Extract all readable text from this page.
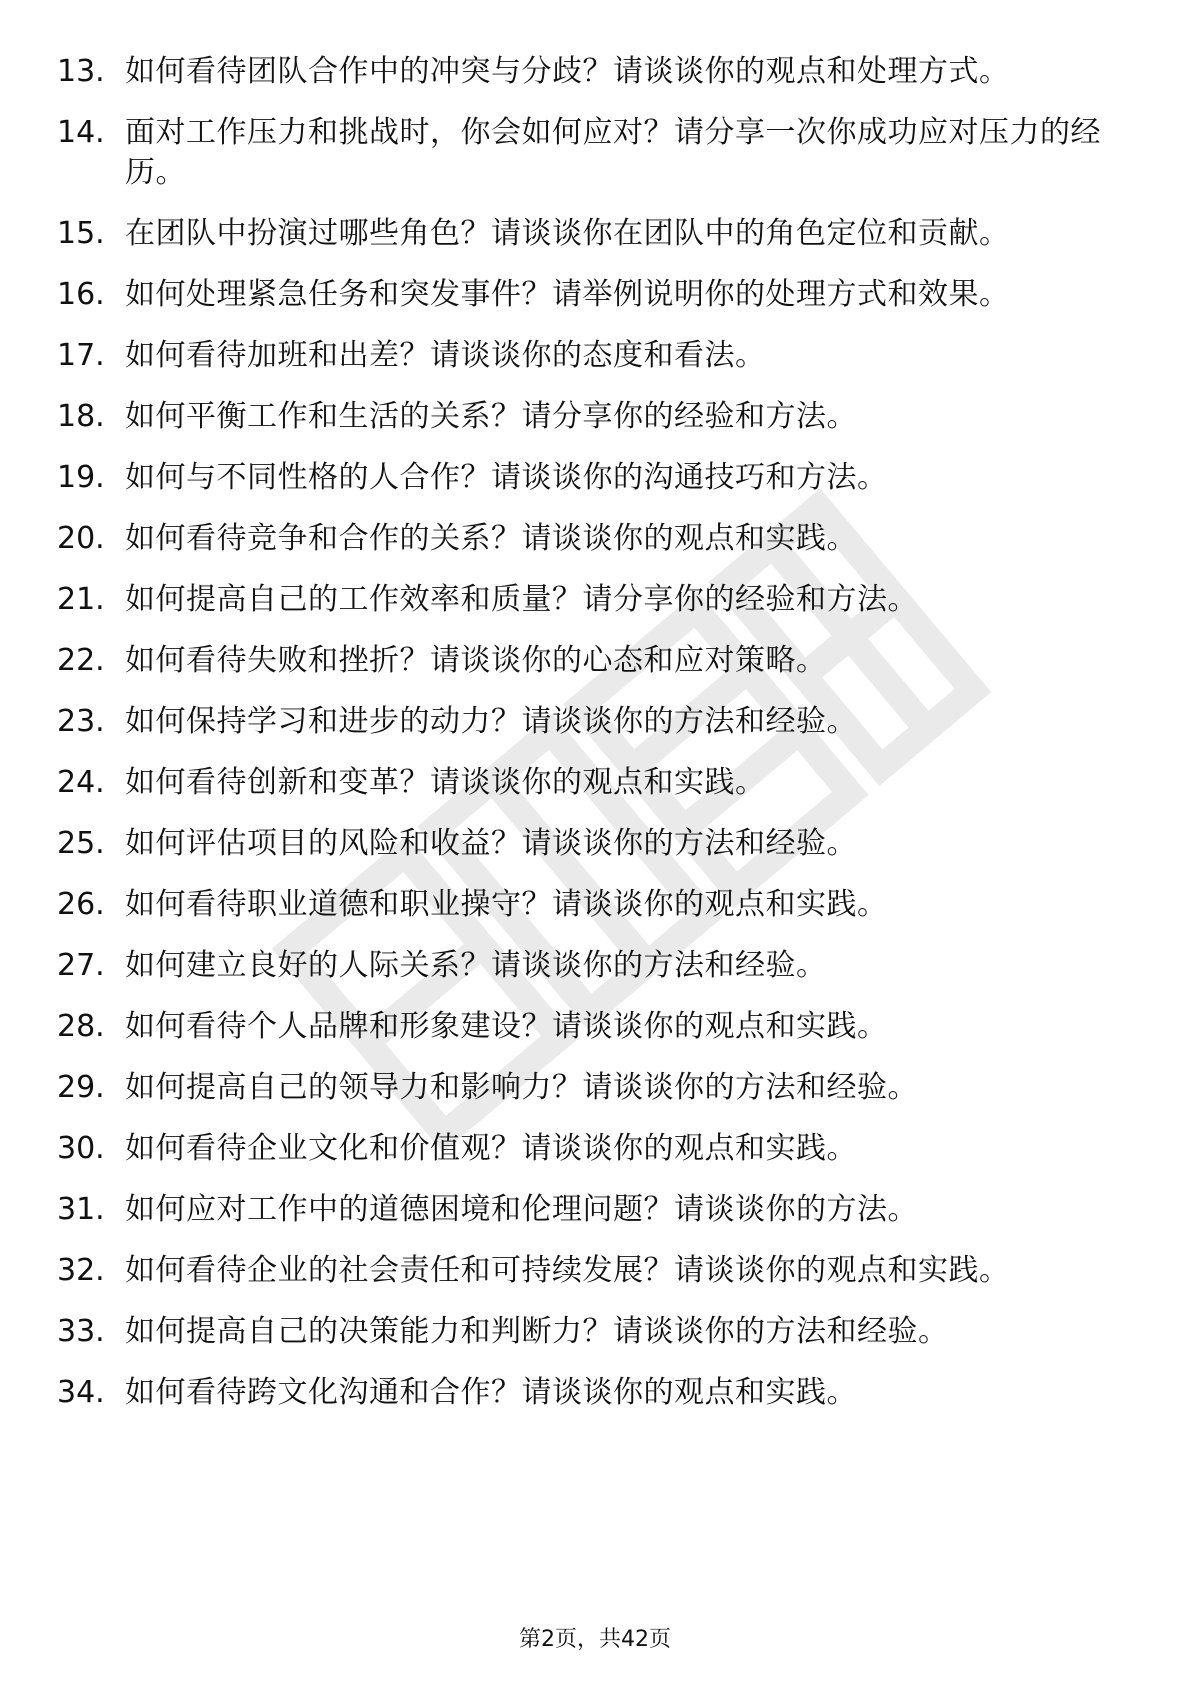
13. 如何看待团队合作中的冲突与分歧？请谈谈你的观点和处理方式。
14. 面对工作压力和挑战时，你会如何应对？请分享一次你成功应对压力的经历。
15. 在团队中扮演过哪些角色？请谈谈你在团队中的角色定位和贡献。
16. 如何处理紧急任务和突发事件？请举例说明你的处理方式和效果。
17. 如何看待加班和出差？请谈谈你的态度和看法。
18. 如何平衡工作和生活的关系？请分享你的经验和方法。
19. 如何与不同性格的人合作？请谈谈你的沟通技巧和方法。
20. 如何看待竞争和合作的关系？请谈谈你的观点和实践。
21. 如何提高自己的工作效率和质量？请分享你的经验和方法。
22. 如何看待失败和挫折？请谈谈你的心态和应对策略。
23. 如何保持学习和进步的动力？请谈谈你的方法和经验。
24. 如何看待创新和变革？请谈谈你的观点和实践。
25. 如何评估项目的风险和收益？请谈谈你的方法和经验。
26. 如何看待职业道德和职业操守？请谈谈你的观点和实践。
27. 如何建立良好的人际关系？请谈谈你的方法和经验。
28. 如何看待个人品牌和形象建设？请谈谈你的观点和实践。
29. 如何提高自己的领导力和影响力？请谈谈你的方法和经验。
30. 如何看待企业文化和价值观？请谈谈你的观点和实践。
31. 如何应对工作中的道德困境和伦理问题？请谈谈你的方法。
32. 如何看待企业的社会责任和可持续发展？请谈谈你的观点和实践。
33. 如何提高自己的决策能力和判断力？请谈谈你的方法和经验。
34. 如何看待跨文化沟通和合作？请谈谈你的观点和实践。
第2页，共42页
